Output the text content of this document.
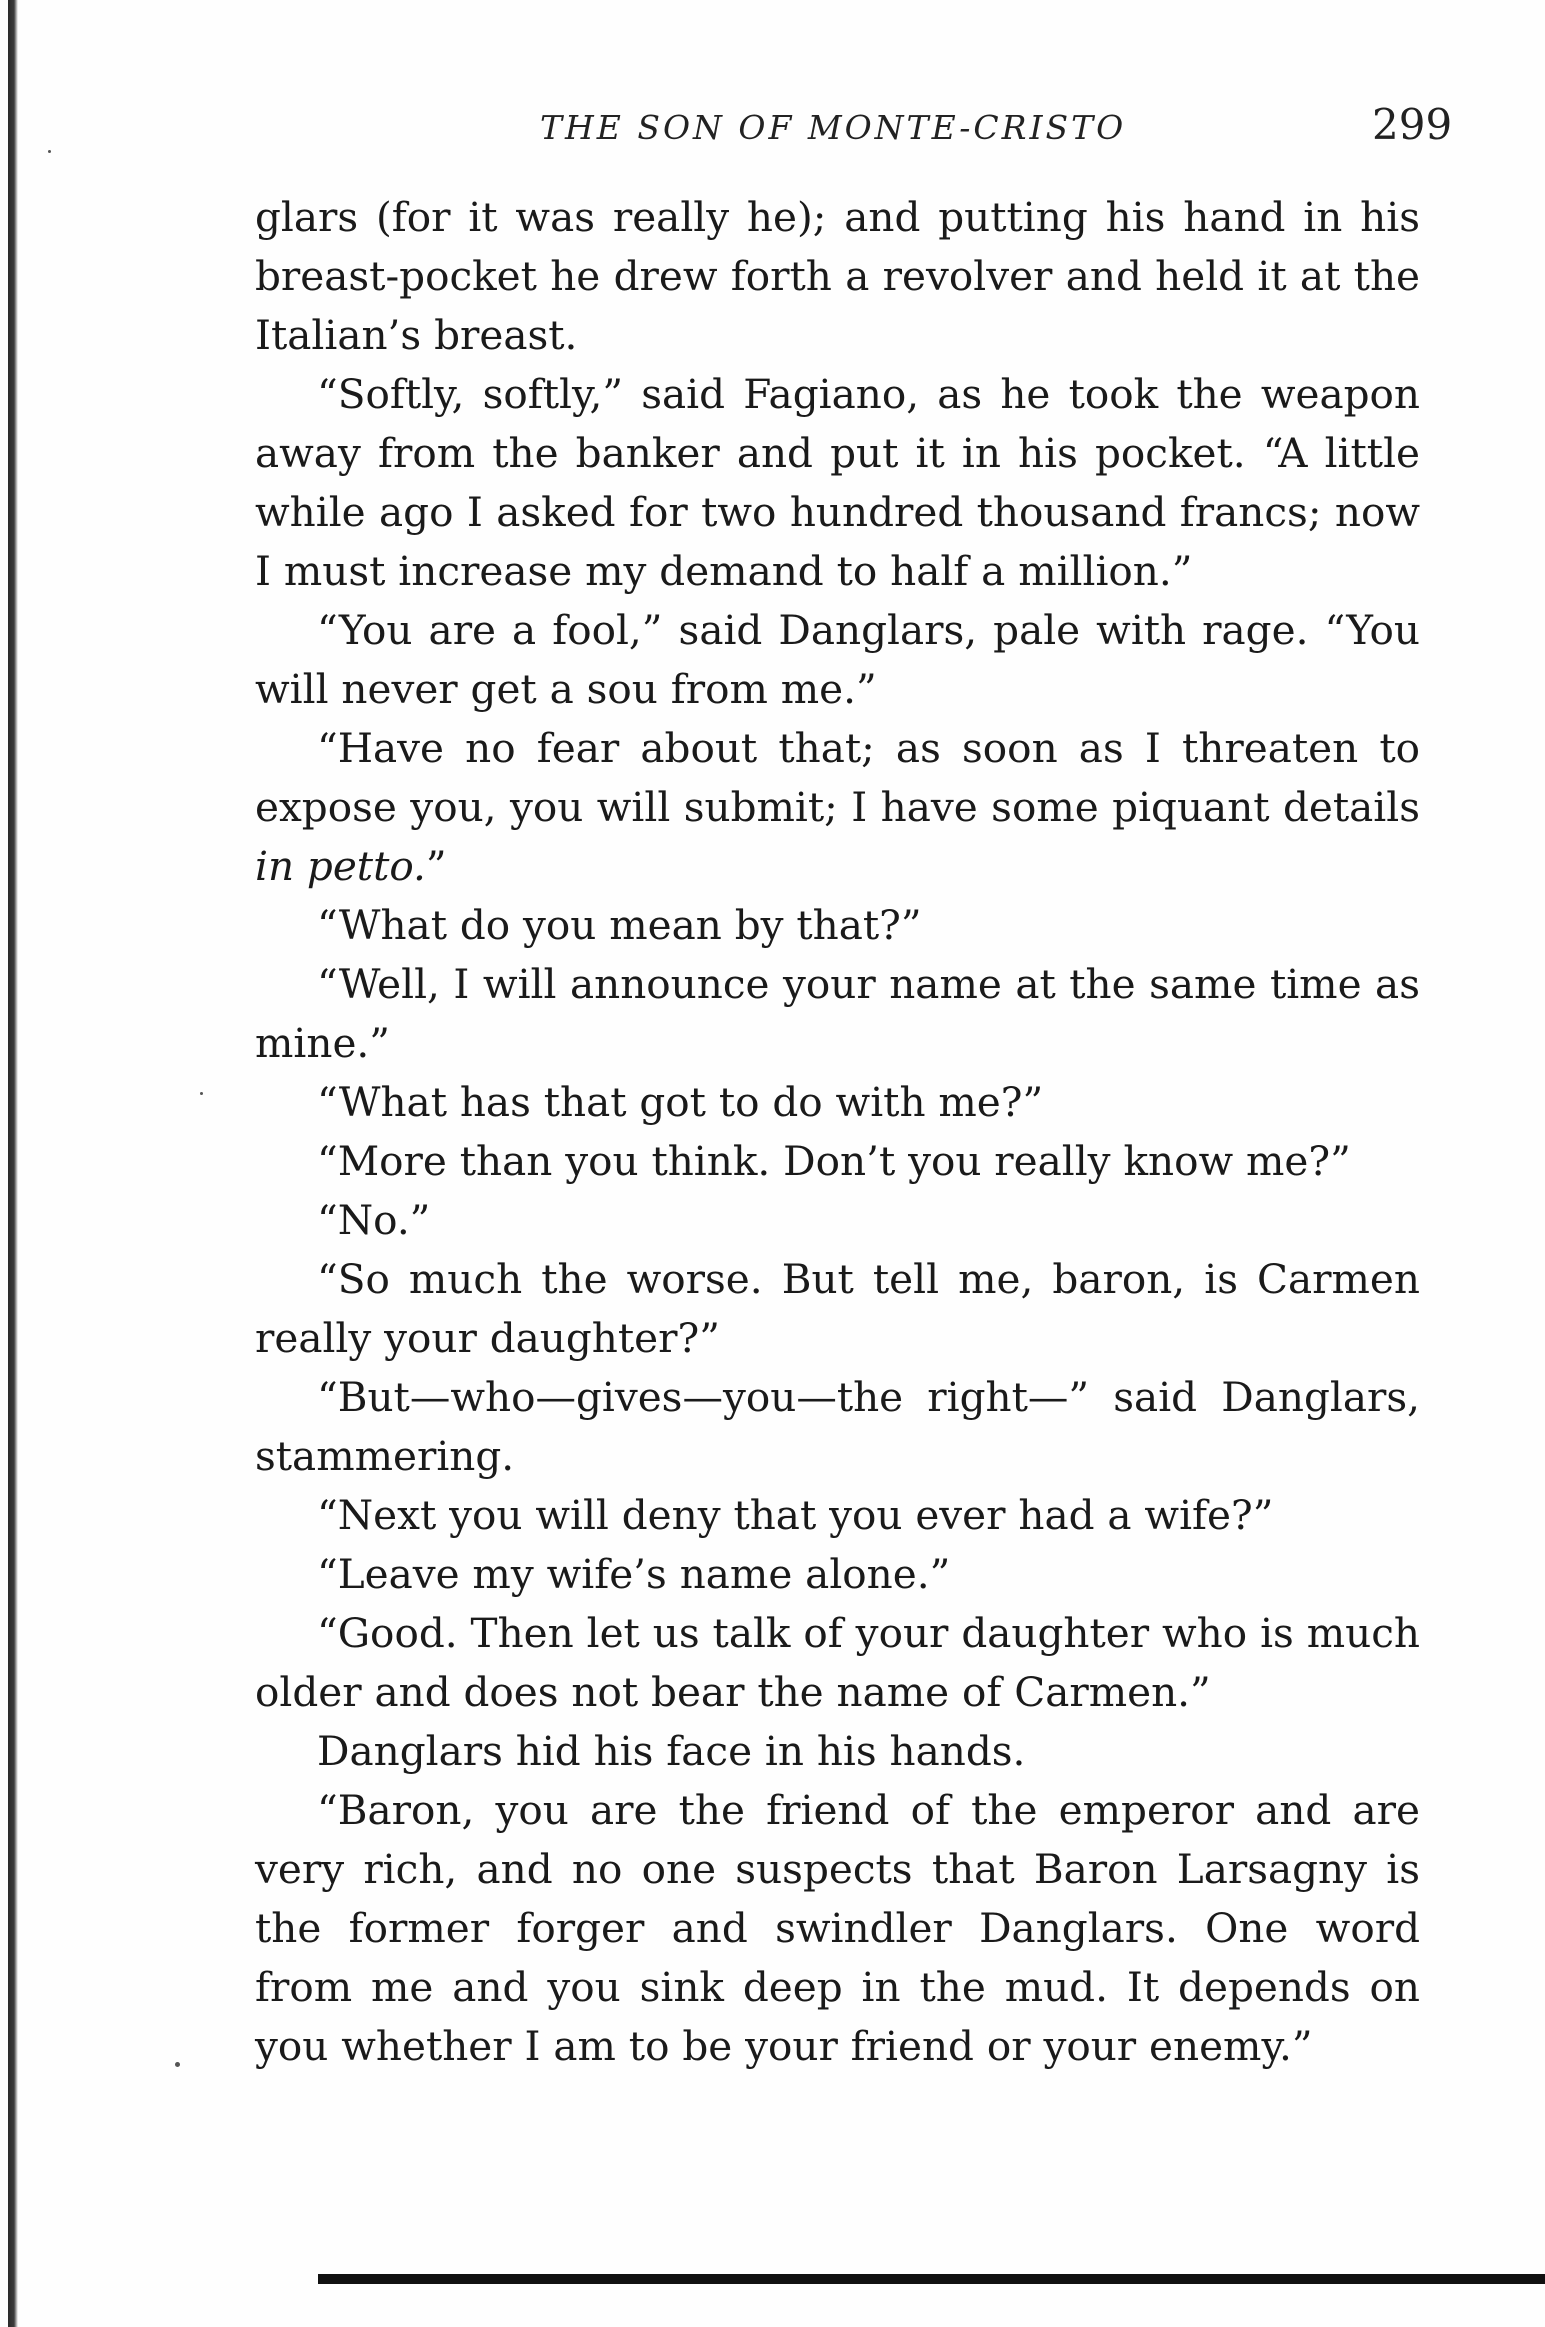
THE SON OF MONTE-CRISTO	299

glars (for it was really he); and putting his hand in his breast-pocket he drew forth a revolver and held it at the Italian’s breast.

“Softly, softly,” said Fagiano, as he took the weapon away from the banker and put it in his pocket. “A little while ago I asked for two hundred thousand francs; now I must increase my demand to half a million.”

“You are a fool,” said Danglars, pale with rage. “You will never get a sou from me.”

“Have no fear about that; as soon as I threaten to expose you, you will submit; I have some piquant details in petto.”

“What do you mean by that?”

“Well, I will announce your name at the same time as mine.”

“What has that got to do with me?”

“More than you think. Don’t you really know me?”

“No.”

“So much the worse. But tell me, baron, is Carmen really your daughter?”

“But—who—gives—you—the right—” said Danglars, stammering.

“Next you will deny that you ever had a wife?”

“Leave my wife’s name alone.”

“Good. Then let us talk of your daughter who is much older and does not bear the name of Carmen.”

Danglars hid his face in his hands.

“Baron, you are the friend of the emperor and are very rich, and no one suspects that Baron Larsagny is the former forger and swindler Danglars. One word from me and you sink deep in the mud. It depends on you whether I am to be your friend or your enemy.”
